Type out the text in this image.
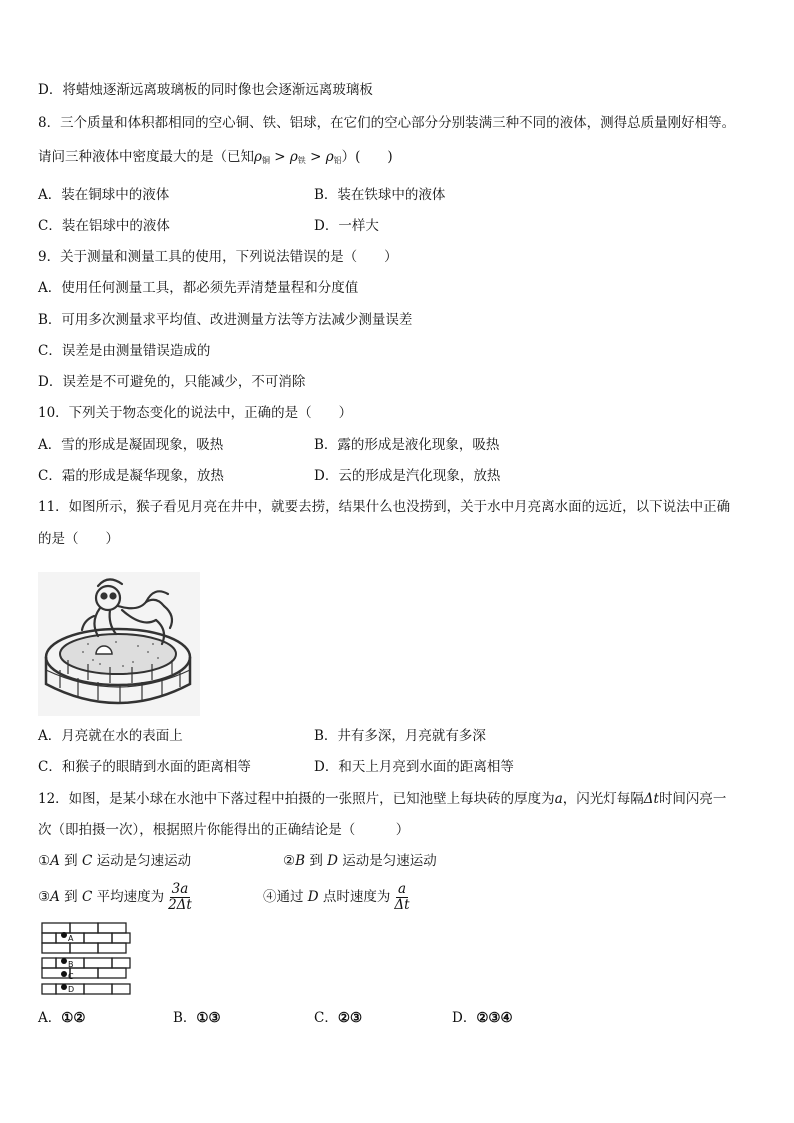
D．将蜡烛逐渐远离玻璃板的同时像也会逐渐远离玻璃板
8．三个质量和体积都相同的空心铜、铁、铝球，在它们的空心部分分别装满三种不同的液体，测得总质量刚好相等。
请问三种液体中密度最大的是（已知$\rho_铜 > \rho_铁 > \rho_铝$）(　　)
A．装在铜球中的液体	B．装在铁球中的液体
C．装在铝球中的液体	D．一样大
9．关于测量和测量工具的使用，下列说法错误的是（　　）
A．使用任何测量工具，都必须先弄清楚量程和分度值
B．可用多次测量求平均值、改进测量方法等方法减少测量误差
C．误差是由测量错误造成的
D．误差是不可避免的，只能减少，不可消除
10．下列关于物态变化的说法中，正确的是（　　）
A．雪的形成是凝固现象，吸热	B．露的形成是液化现象，吸热
C．霜的形成是凝华现象，放热	D．云的形成是汽化现象，放热
11．如图所示，猴子看见月亮在井中，就要去捞，结果什么也没捞到，关于水中月亮离水面的远近，以下说法中正确
的是（　　）
A．月亮就在水的表面上	B．井有多深，月亮就有多深
C．和猴子的眼睛到水面的距离相等	D．和天上月亮到水面的距离相等
12．如图，是某小球在水池中下落过程中拍摄的一张照片，已知池壁上每块砖的厚度为a，闪光灯每隔Δt时间闪亮一
次（即拍摄一次），根据照片你能得出的正确结论是（　　　）
①A 到 C 运动是匀速运动	②B 到 D 运动是匀速运动
③A 到 C 平均速度为 $\frac{3a}{2\Delta t}$	④通过 D 点时速度为 $\frac{a}{\Delta t}$
A
B
C
D
A．①②	B．①③	C．②③	D．②③④
